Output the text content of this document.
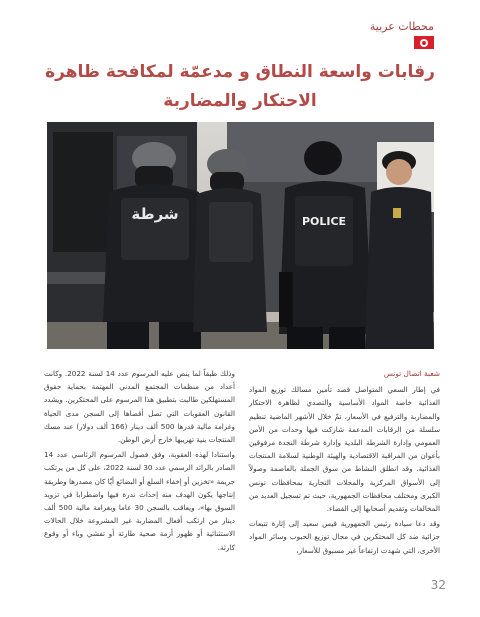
محطات عربية
رقابات واسعة النطاق و مدعمّة لمكافحة ظاهرة
الاحتكار والمضاربة
شرطة	POLICE
شعبة اتصال تونس

في إطار السعي المتواصل قصد تأمين مسالك توزيع المواد الغذائية خاصة المواد الأساسية والتصدي لظاهرة الاحتكار والمضاربة والترفيع في الأسعار، تمّ خلال الأشهر الماضية تنظيم سلسلة من الرقابات المدعمة شاركت فيها وحدات من الأمن العمومي وإدارة الشرطة البلدية وإدارة شرطة النجدة مرفوقين بأعوان من المراقبة الاقتصادية والهيئة الوطنية لسلامة المنتجات الغذائية. وقد انطلق النشاط من سوق الجملة بالعاصمة وصولاً إلى الأسواق المركزية والمحلات التجارية بمحافظات تونس الكبرى ومختلف محافظات الجمهورية، حيث تم تسجيل العديد من المخالفات وتقديم أصحابها إلى القضاء.

وقد دعا سيادة رئيس الجمهورية قيس سعيد إلى إثارة تتبعات جزائية ضد كل المحتكرين في مجال توزيع الحبوب وسائر المواد الأخرى، التي شهدت ارتفاعاً غير مسبوق للأسعار،

وذلك طبقاً لما ينص عليه المرسوم عدد 14 لسنة 2022. وكانت أعداد من منظمات المجتمع المدني المهتمة بحماية حقوق المستهلكين طالبت بتطبيق هذا المرسوم على المحتكرين. ويشدد القانون العقوبات التي تصل أقصاها إلى السجن مدى الحياة وغرامة مالية قدرها 500 ألف دينار (166 ألف دولار) عند مسك المنتجات بنية تهريبها خارج أرض الوطن.

واستنادا لهذه العقوبة، وفق فصول المرسوم الرئاسي عدد 14 الصادر بالرائد الرسمي عدد 30 لسنة 2022، على كل من يرتكب جريمة «تخزين أو إخفاء السلع أو البضائع أيّا كان مصدرها وطريقة إنتاجها يكون الهدف منه إحداث ندرة فيها واضطرابا في تزويد السوق بها»، ويعاقب بالسجن 30 عاما وبغرامة مالية 500 ألف دينار من ارتكب أفعال المضاربة غير المشروعة خلال الحالات الاستثنائية أو ظهور أزمة صحية طارئة أو تفشي وباء أو وقوع كارثة.

32
